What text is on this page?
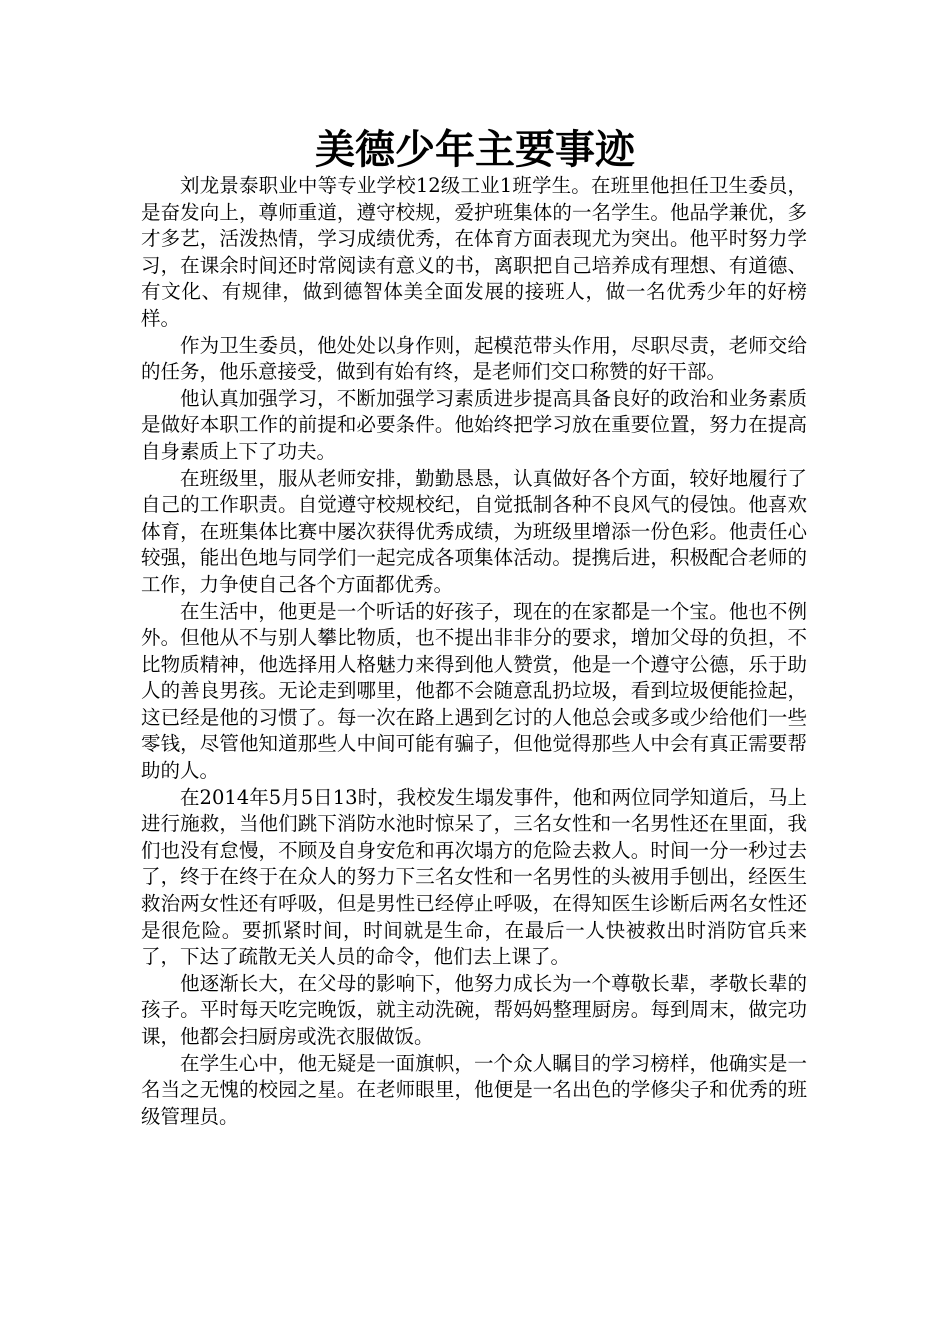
美德少年主要事迹

刘龙景泰职业中等专业学校12级工业1班学生。在班里他担任卫生委员，是奋发向上，尊师重道，遵守校规，爱护班集体的一名学生。他品学兼优，多才多艺，活泼热情，学习成绩优秀，在体育方面表现尤为突出。他平时努力学习，在课余时间还时常阅读有意义的书，离职把自己培养成有理想、有道德、有文化、有规律，做到德智体美全面发展的接班人，做一名优秀少年的好榜样。

作为卫生委员，他处处以身作则，起模范带头作用，尽职尽责，老师交给的任务，他乐意接受，做到有始有终，是老师们交口称赞的好干部。

他认真加强学习，不断加强学习素质进步提高具备良好的政治和业务素质是做好本职工作的前提和必要条件。他始终把学习放在重要位置，努力在提高自身素质上下了功夫。

在班级里，服从老师安排，勤勤恳恳，认真做好各个方面，较好地履行了自己的工作职责。自觉遵守校规校纪，自觉抵制各种不良风气的侵蚀。他喜欢体育，在班集体比赛中屡次获得优秀成绩，为班级里增添一份色彩。他责任心较强，能出色地与同学们一起完成各项集体活动。提携后进，积极配合老师的工作，力争使自己各个方面都优秀。

在生活中，他更是一个听话的好孩子，现在的在家都是一个宝。他也不例外。但他从不与别人攀比物质，也不提出非非分的要求，增加父母的负担，不比物质精神，他选择用人格魅力来得到他人赞赏，他是一个遵守公德，乐于助人的善良男孩。无论走到哪里，他都不会随意乱扔垃圾，看到垃圾便能捡起，这已经是他的习惯了。每一次在路上遇到乞讨的人他总会或多或少给他们一些零钱，尽管他知道那些人中间可能有骗子，但他觉得那些人中会有真正需要帮助的人。

在2014年5月5日13时，我校发生塌发事件，他和两位同学知道后，马上进行施救，当他们跳下消防水池时惊呆了，三名女性和一名男性还在里面，我们也没有怠慢，不顾及自身安危和再次塌方的危险去救人。时间一分一秒过去了，终于在终于在众人的努力下三名女性和一名男性的头被用手刨出，经医生救治两女性还有呼吸，但是男性已经停止呼吸，在得知医生诊断后两名女性还是很危险。要抓紧时间，时间就是生命，在最后一人快被救出时消防官兵来了，下达了疏散无关人员的命令，他们去上课了。

他逐渐长大，在父母的影响下，他努力成长为一个尊敬长辈，孝敬长辈的孩子。平时每天吃完晚饭，就主动洗碗，帮妈妈整理厨房。每到周末，做完功课，他都会扫厨房或洗衣服做饭。

在学生心中，他无疑是一面旗帜，一个众人瞩目的学习榜样，他确实是一名当之无愧的校园之星。在老师眼里，他便是一名出色的学修尖子和优秀的班级管理员。
